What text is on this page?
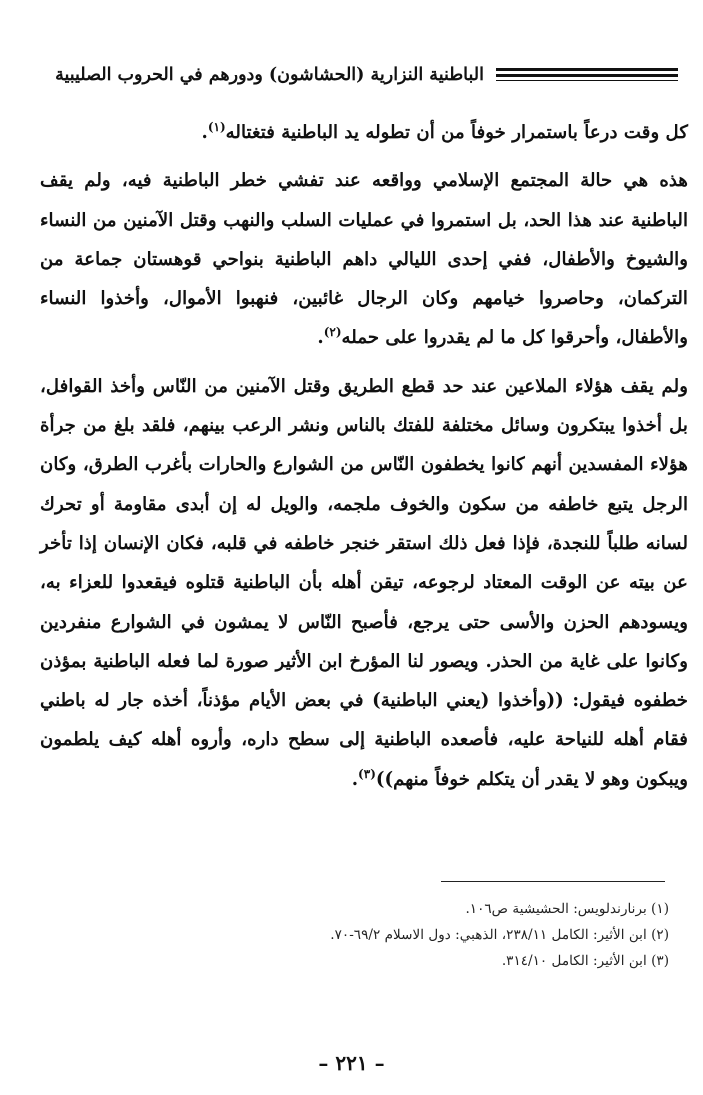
الباطنية النزارية (الحشاشون) ودورهم في الحروب الصليبية

كل وقت درعاً باستمرار خوفاً من أن تطوله يد الباطنية فتغتاله$^{(١)}$.

هذه هي حالة المجتمع الإسلامي وواقعه عند تفشي خطر الباطنية فيه، ولم يقف الباطنية عند هذا الحد، بل استمروا في عمليات السلب والنهب وقتل الآمنين من النساء والشيوخ والأطفال، ففي إحدى الليالي داهم الباطنية بنواحي قوهستان جماعة من التركمان، وحاصروا خيامهم وكان الرجال غائبين، فنهبوا الأموال، وأخذوا النساء والأطفال، وأحرقوا كل ما لم يقدروا على حمله$^{(٢)}$.

ولم يقف هؤلاء الملاعين عند حد قطع الطريق وقتل الآمنين من النّاس وأخذ القوافل، بل أخذوا يبتكرون وسائل مختلفة للفتك بالناس ونشر الرعب بينهم، فلقد بلغ من جرأة هؤلاء المفسدين أنهم كانوا يخطفون النّاس من الشوارع والحارات بأغرب الطرق، وكان الرجل يتبع خاطفه من سكون والخوف ملجمه، والويل له إن أبدى مقاومة أو تحرك لسانه طلباً للنجدة، فإذا فعل ذلك استقر خنجر خاطفه في قلبه، فكان الإنسان إذا تأخر عن بيته عن الوقت المعتاد لرجوعه، تيقن أهله بأن الباطنية قتلوه فيقعدوا للعزاء به، ويسودهم الحزن والأسى حتى يرجع، فأصبح النّاس لا يمشون في الشوارع منفردين وكانوا على غاية من الحذر. ويصور لنا المؤرخ ابن الأثير صورة لما فعله الباطنية بمؤذن خطفوه فيقول: ((وأخذوا (يعني الباطنية) في بعض الأيام مؤذناً، أخذه جار له باطني فقام أهله للنياحة عليه، فأصعده الباطنية إلى سطح داره، وأروه أهله كيف يلطمون ويبكون وهو لا يقدر أن يتكلم خوفاً منهم))$^{(٣)}$.

(١) برنارندلويس: الحشيشية ص١٠٦.

(٢) ابن الأثير: الكامل ٢٣٨/١١، الذهبي: دول الاسلام ٦٩/٢-٧٠.

(٣) ابن الأثير: الكامل ٣١٤/١٠.

– ٢٢١ –
